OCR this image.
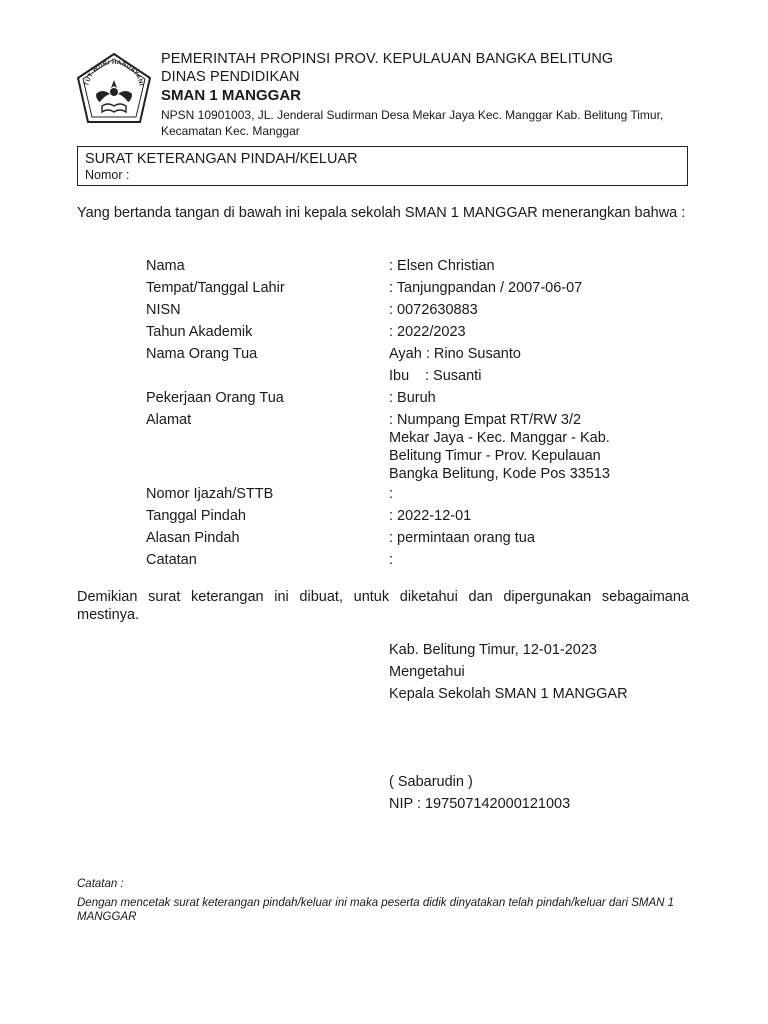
TUT WURI HANDAYANI
PEMERINTAH PROPINSI PROV. KEPULAUAN BANGKA BELITUNG
DINAS PENDIDIKAN
SMAN 1 MANGGAR
NPSN 10901003, JL. Jenderal Sudirman Desa Mekar Jaya Kec. Manggar Kab. Belitung Timur, Kecamatan Kec. Manggar
SURAT KETERANGAN PINDAH/KELUAR
Nomor :
Yang bertanda tangan di bawah ini kepala sekolah SMAN 1 MANGGAR menerangkan bahwa :
Nama	: Elsen Christian
Tempat/Tanggal Lahir	: Tanjungpandan / 2007-06-07
NISN	: 0072630883
Tahun Akademik	: 2022/2023
Nama Orang Tua	Ayah : Rino Susanto
Ibu : Susanti
Pekerjaan Orang Tua	: Buruh
Alamat	: Numpang Empat RT/RW 3/2
Mekar Jaya - Kec. Manggar - Kab.
Belitung Timur - Prov. Kepulauan
Bangka Belitung, Kode Pos 33513
Nomor Ijazah/STTB	:
Tanggal Pindah	: 2022-12-01
Alasan Pindah	: permintaan orang tua
Catatan	:
Demikian surat keterangan ini dibuat, untuk diketahui dan dipergunakan sebagaimana mestinya.
Kab. Belitung Timur, 12-01-2023
Mengetahui
Kepala Sekolah SMAN 1 MANGGAR
( Sabarudin )
NIP : 197507142000121003
Catatan :
Dengan mencetak surat keterangan pindah/keluar ini maka peserta didik dinyatakan telah pindah/keluar dari SMAN 1 MANGGAR
